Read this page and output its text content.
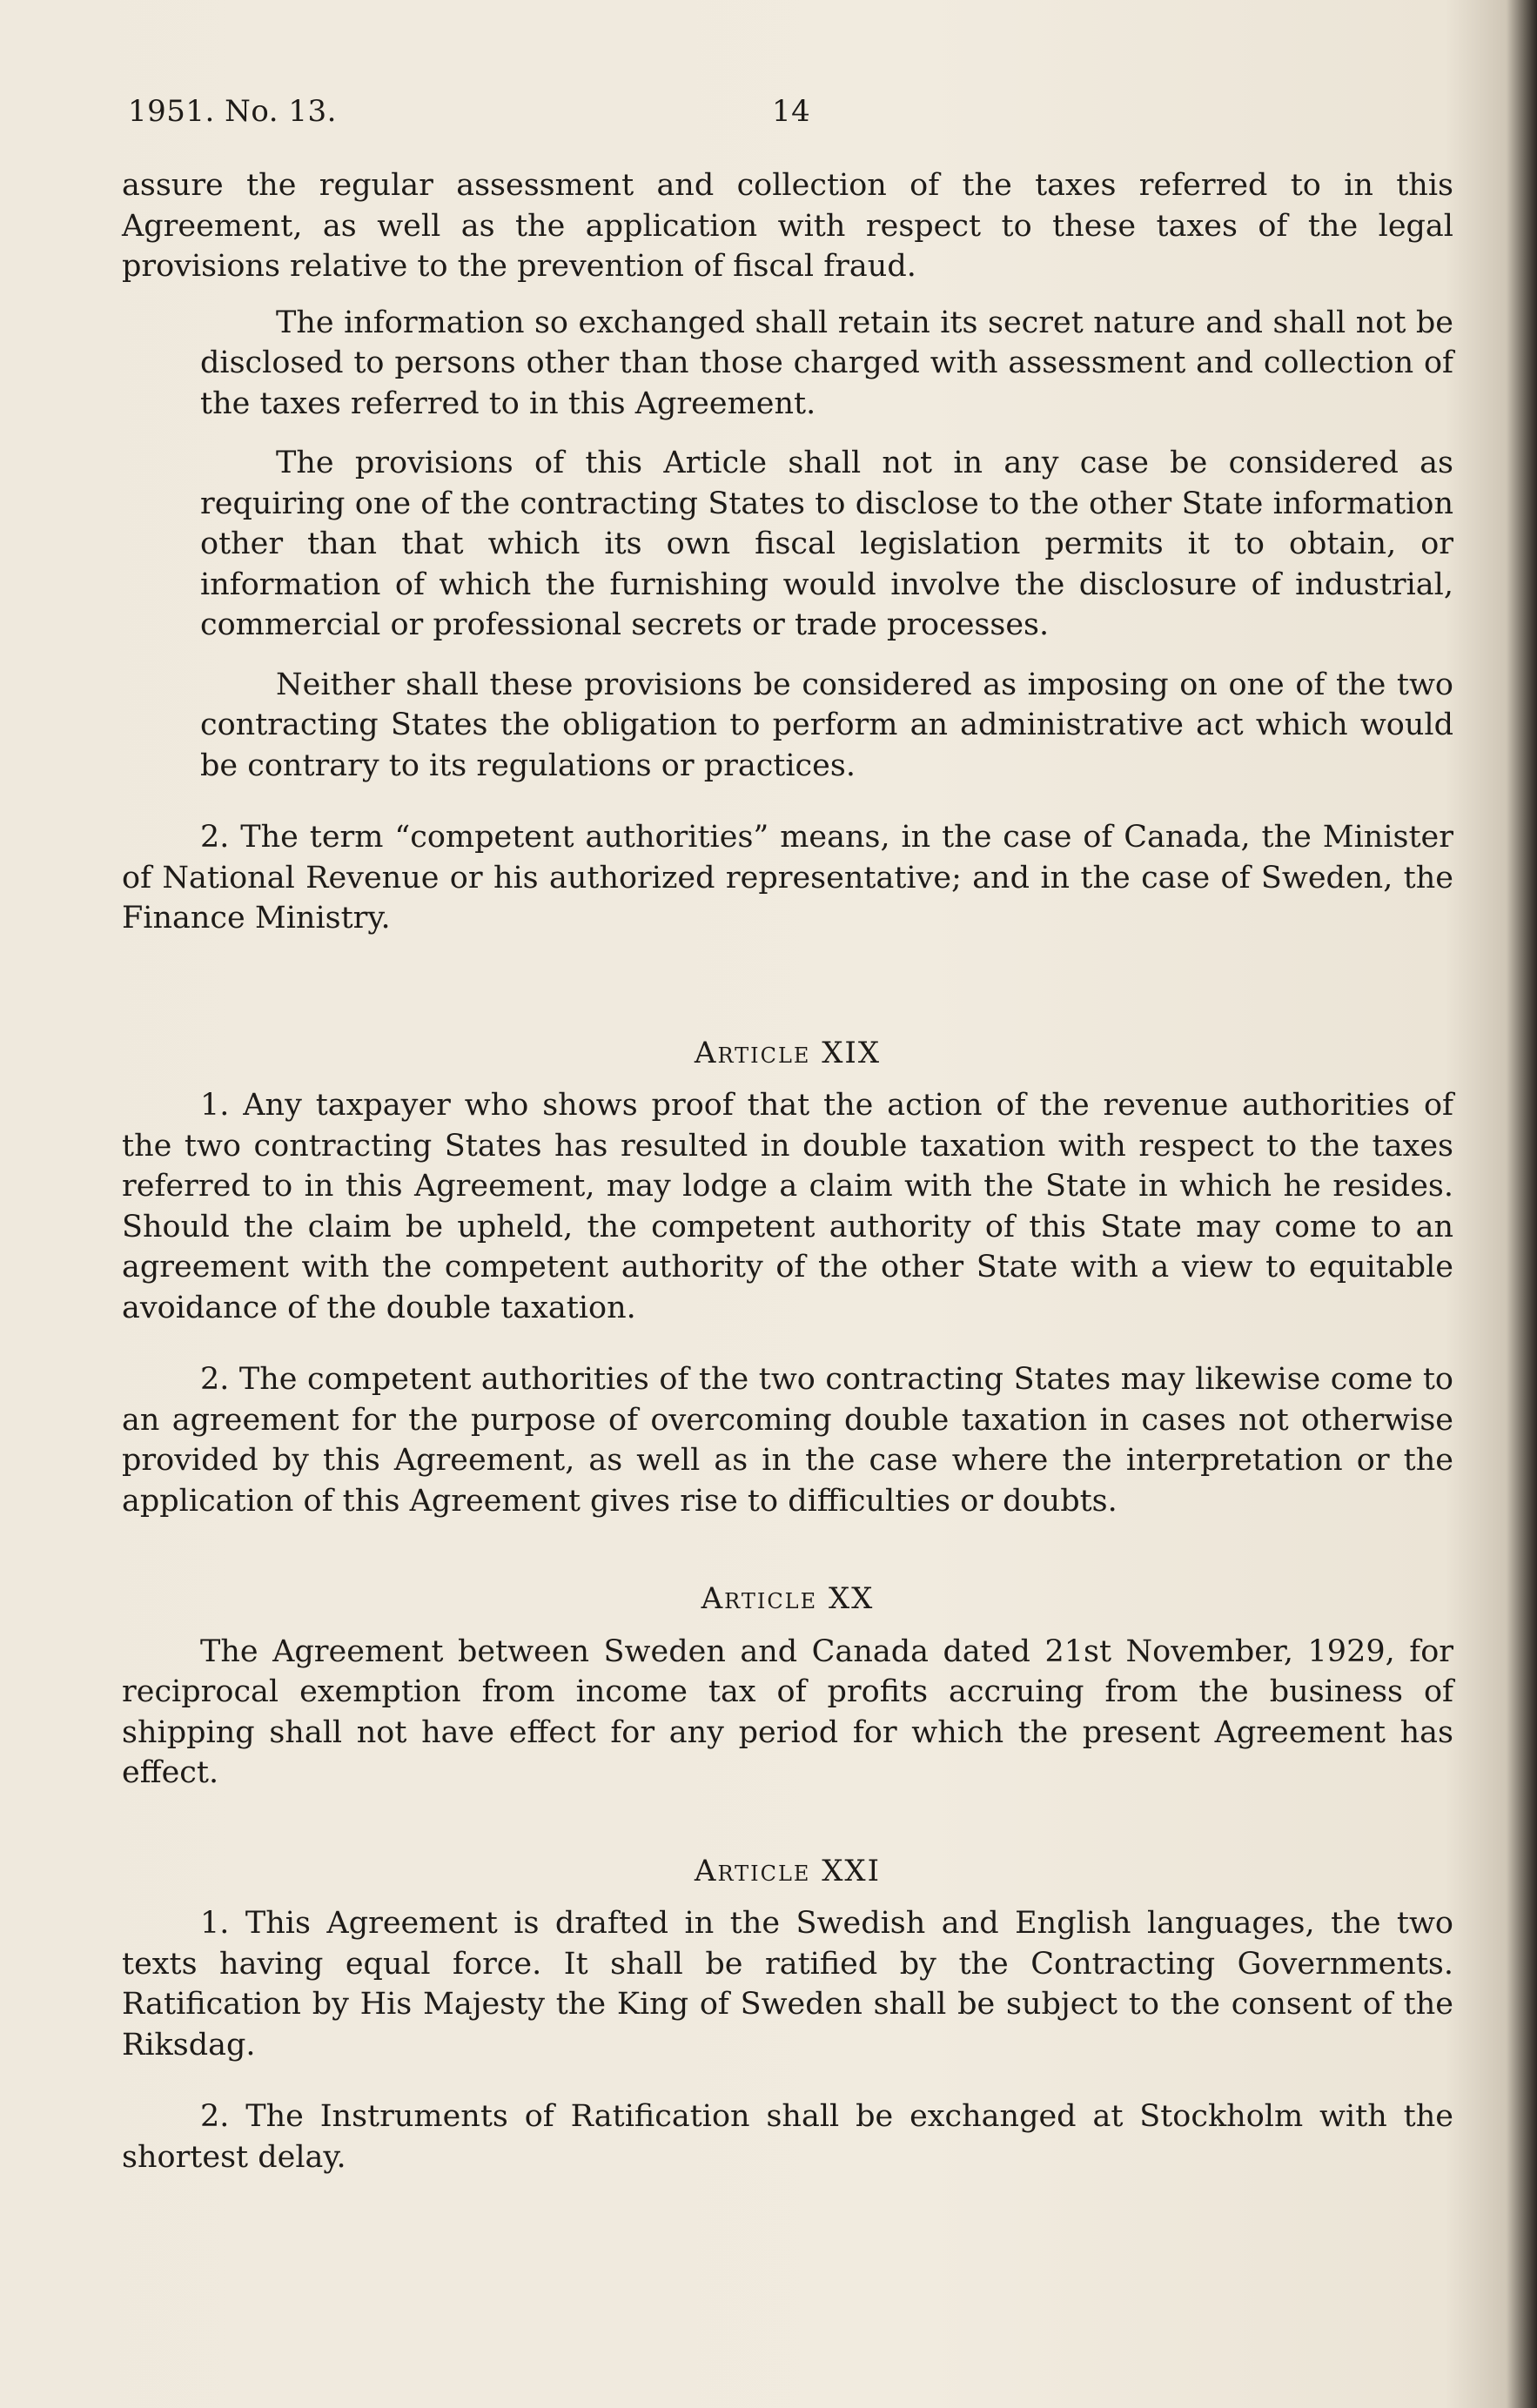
1951. No. 13.	14

assure the regular assessment and collection of the taxes referred to in this Agreement, as well as the application with respect to these taxes of the legal provisions relative to the prevention of fiscal fraud.

The information so exchanged shall retain its secret nature and shall not be disclosed to persons other than those charged with assessment and collection of the taxes referred to in this Agreement.

The provisions of this Article shall not in any case be considered as requiring one of the contracting States to disclose to the other State information other than that which its own fiscal legislation permits it to obtain, or information of which the furnishing would involve the disclosure of industrial, commercial or professional secrets or trade processes.

Neither shall these provisions be considered as imposing on one of the two contracting States the obligation to perform an administrative act which would be contrary to its regulations or practices.

2. The term “competent authorities” means, in the case of Canada, the Minister of National Revenue or his authorized representative; and in the case of Sweden, the Finance Ministry.

Article XIX

1. Any taxpayer who shows proof that the action of the revenue authorities of the two contracting States has resulted in double taxation with respect to the taxes referred to in this Agreement, may lodge a claim with the State in which he resides. Should the claim be upheld, the competent authority of this State may come to an agreement with the competent authority of the other State with a view to equitable avoidance of the double taxation.

2. The competent authorities of the two contracting States may likewise come to an agreement for the purpose of overcoming double taxation in cases not otherwise provided by this Agreement, as well as in the case where the interpretation or the application of this Agreement gives rise to difficulties or doubts.

Article XX

The Agreement between Sweden and Canada dated 21st November, 1929, for reciprocal exemption from income tax of profits accruing from the business of shipping shall not have effect for any period for which the present Agreement has effect.

Article XXI

1. This Agreement is drafted in the Swedish and English languages, the two texts having equal force. It shall be ratified by the Contracting Governments. Ratification by His Majesty the King of Sweden shall be subject to the consent of the Riksdag.

2. The Instruments of Ratification shall be exchanged at Stockholm with the shortest delay.
